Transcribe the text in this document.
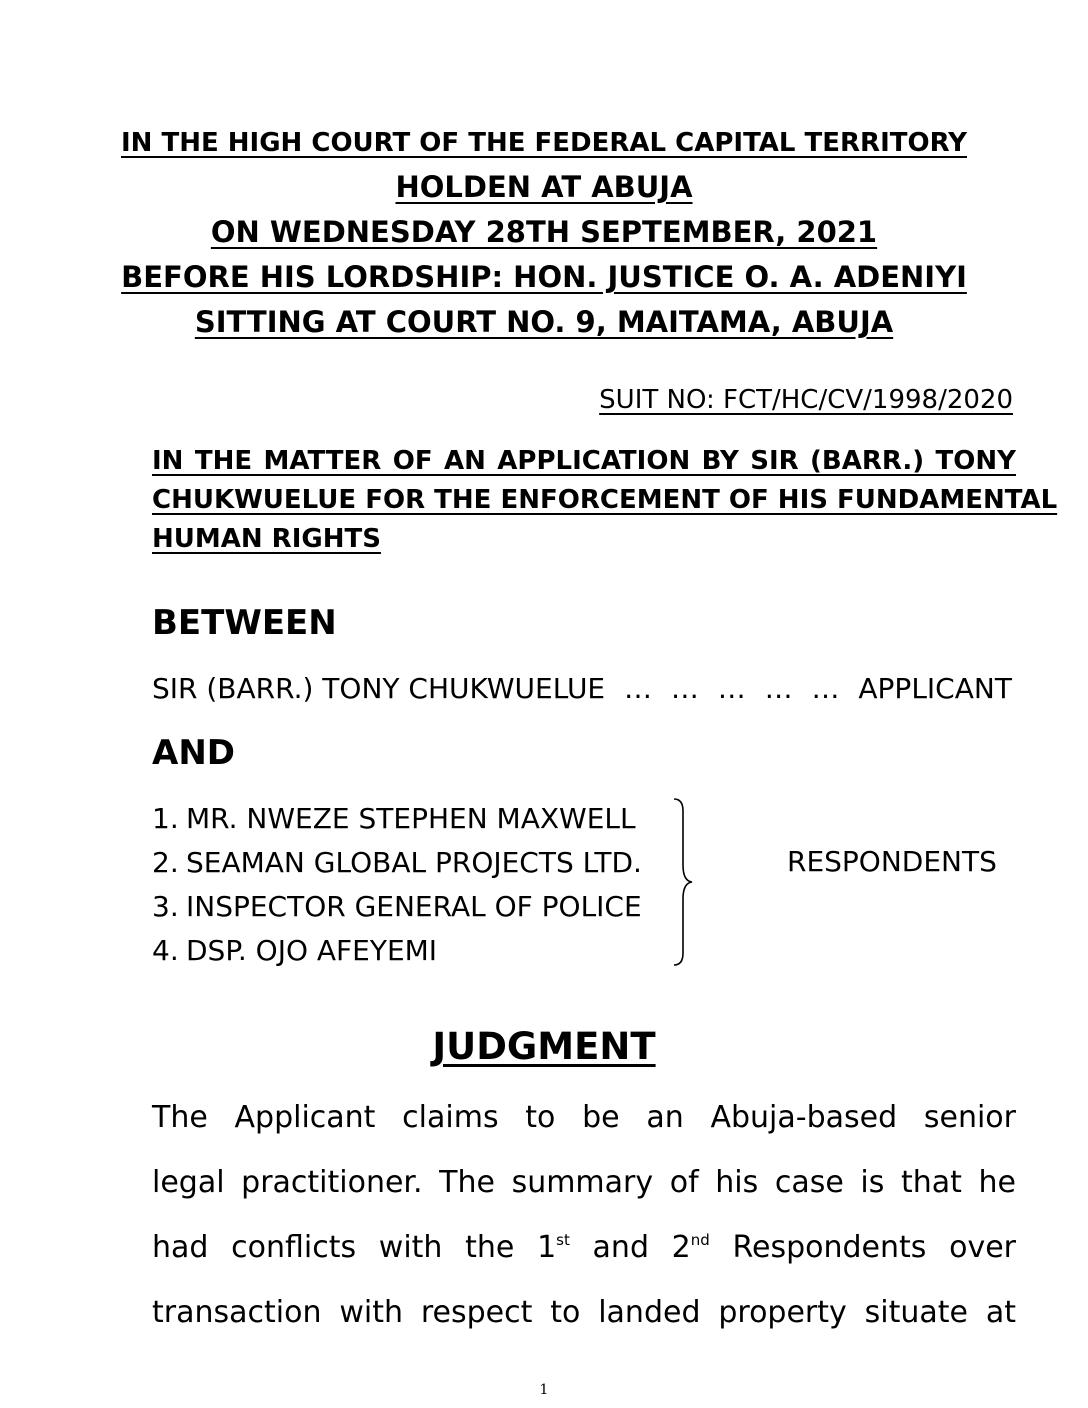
IN THE HIGH COURT OF THE FEDERAL CAPITAL TERRITORY
HOLDEN AT ABUJA
ON WEDNESDAY 28TH SEPTEMBER, 2021
BEFORE HIS LORDSHIP: HON. JUSTICE O. A. ADENIYI
SITTING AT COURT NO. 9, MAITAMA, ABUJA
SUIT NO: FCT/HC/CV/1998/2020
IN THE MATTER OF AN APPLICATION BY SIR (BARR.) TONY
CHUKWUELUE FOR THE ENFORCEMENT OF HIS FUNDAMENTAL
HUMAN RIGHTS
BETWEEN
SIR (BARR.) TONY CHUKWUELUE … … … … … APPLICANT
AND
1. MR. NWEZE STEPHEN MAXWELL
2. SEAMAN GLOBAL PROJECTS LTD.
3. INSPECTOR GENERAL OF POLICE
4. DSP. OJO AFEYEMI
RESPONDENTS
JUDGMENT
The Applicant claims to be an Abuja-based senior
legal practitioner. The summary of his case is that he
had conflicts with the 1st and 2nd Respondents over
transaction with respect to landed property situate at
1
